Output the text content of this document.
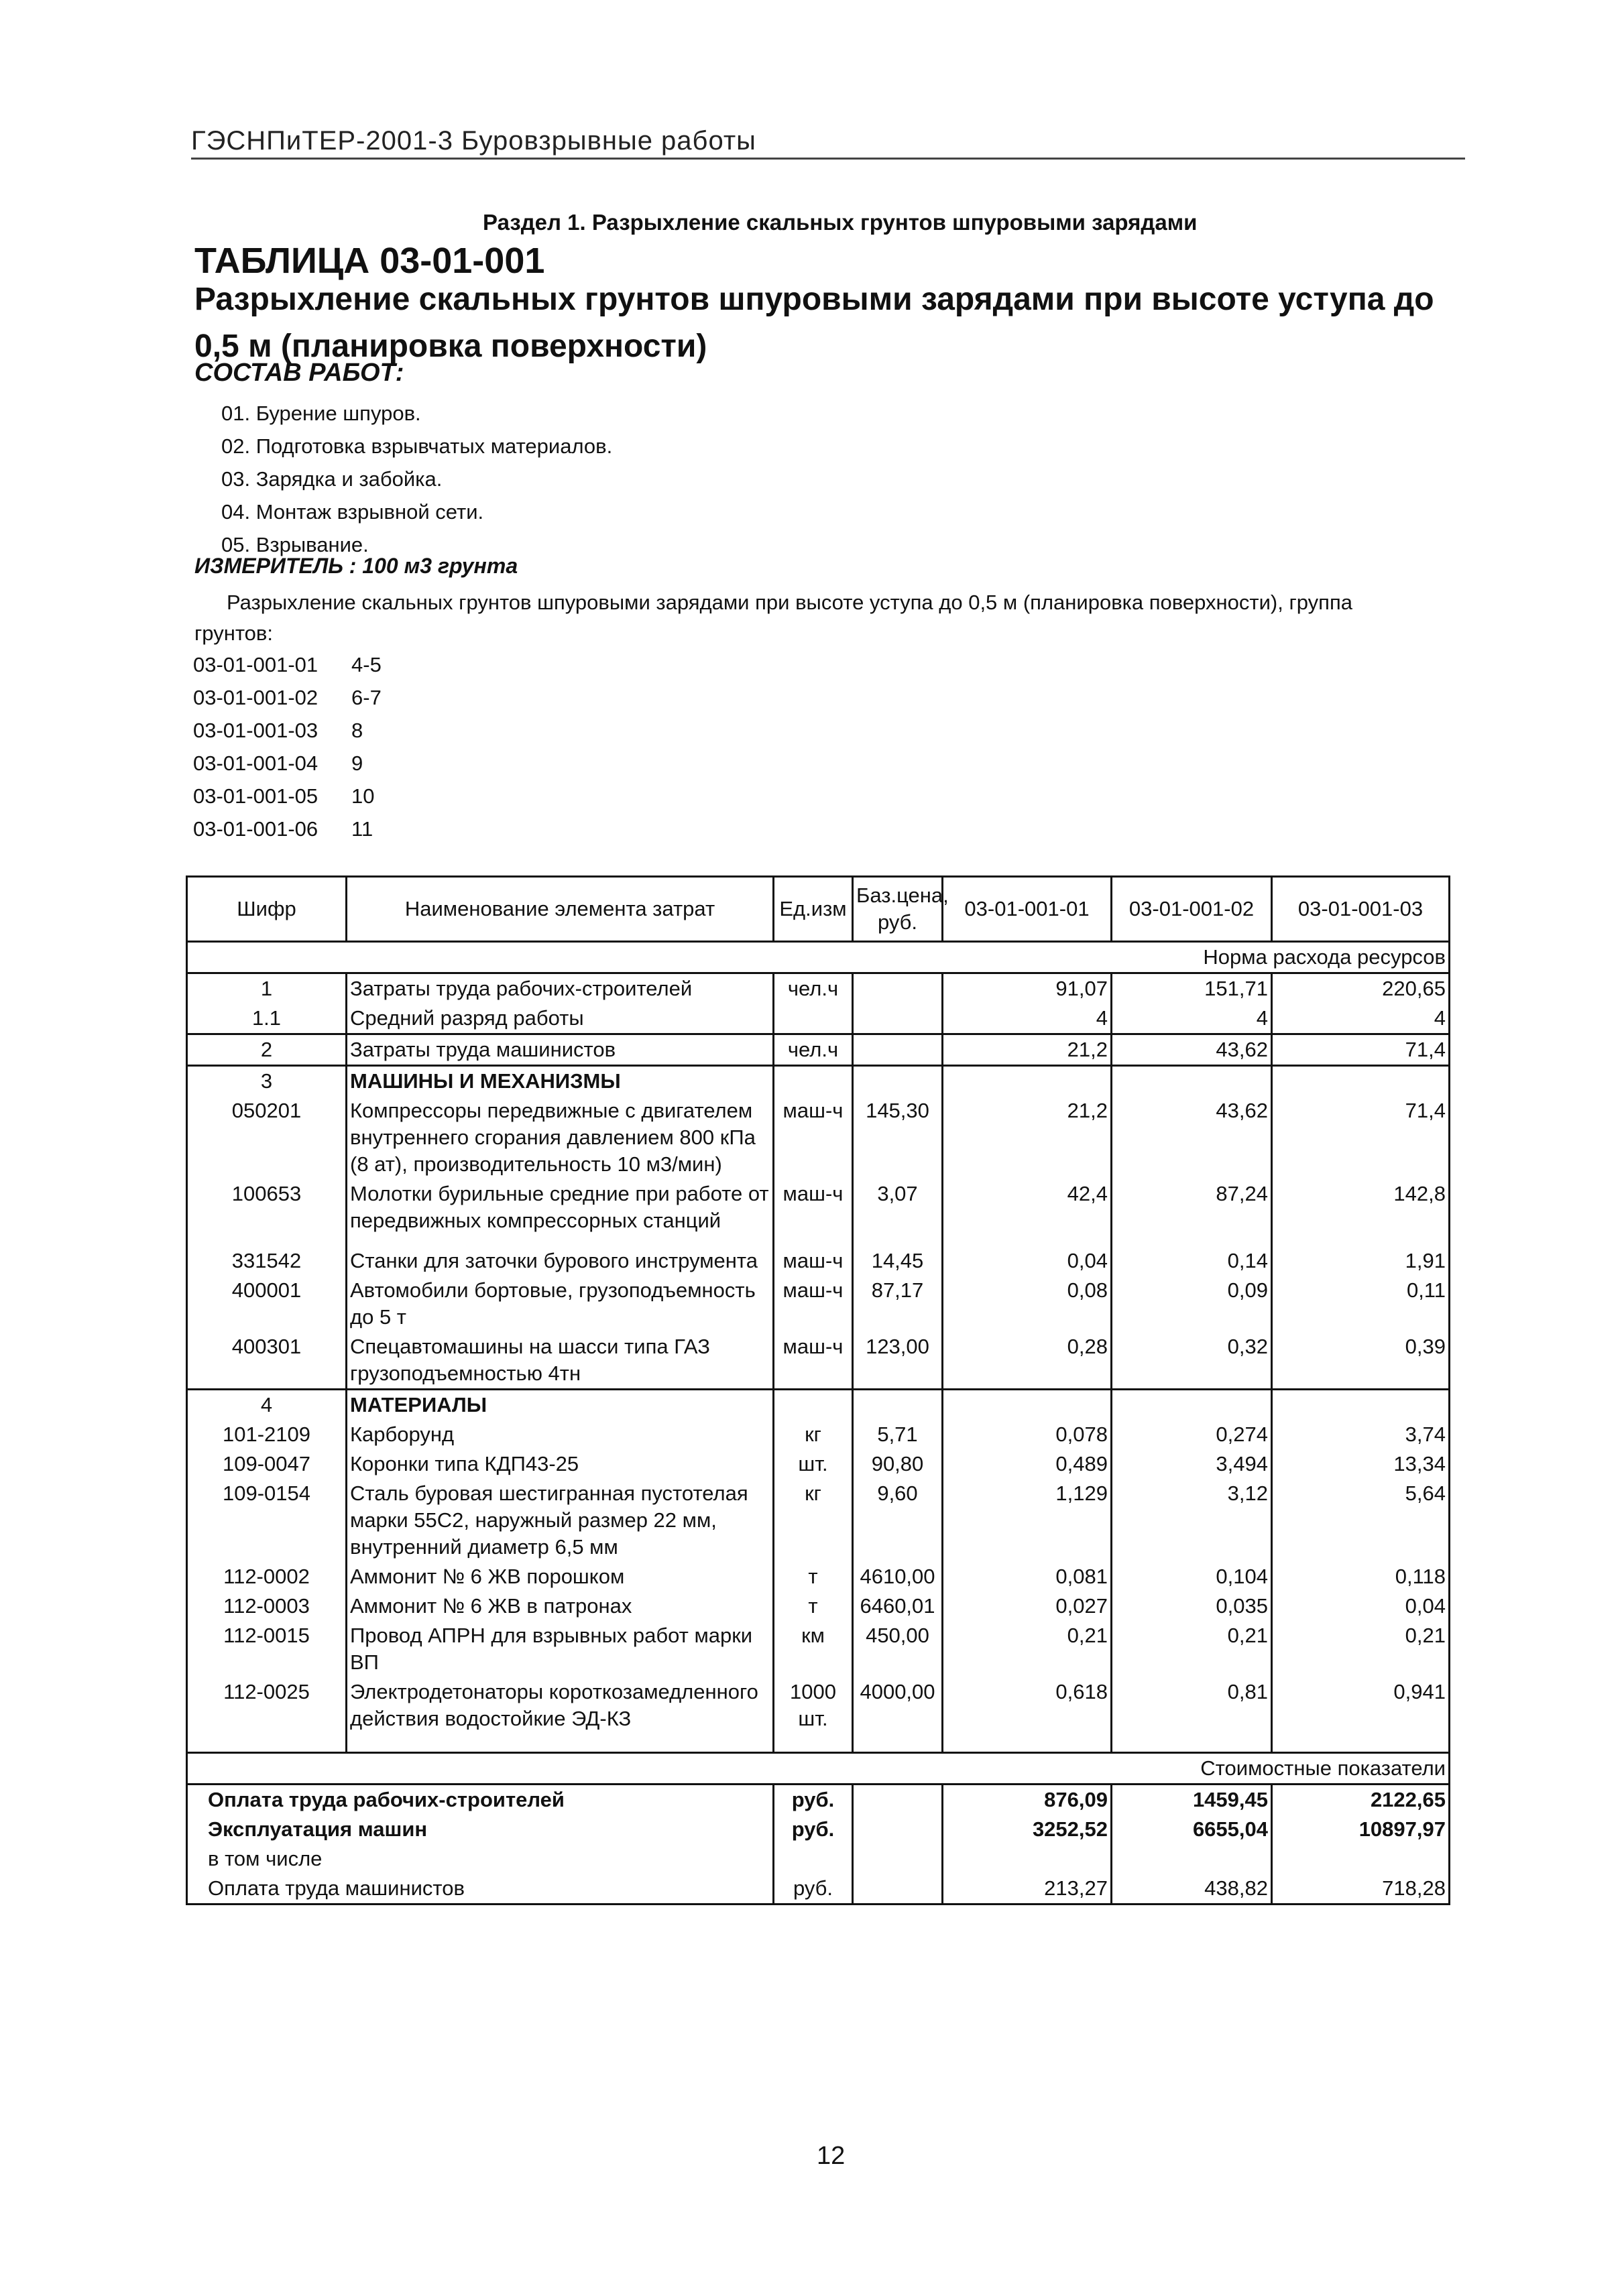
ГЭСНПиТЕР-2001-3 Буровзрывные работы
Раздел 1. Разрыхление скальных грунтов шпуровыми зарядами
ТАБЛИЦА 03-01-001
Разрыхление скальных грунтов шпуровыми зарядами при высоте уступа до 0,5 м (планировка поверхности)
СОСТАВ РАБОТ:
01. Бурение шпуров.
02. Подготовка взрывчатых материалов.
03. Зарядка и забойка.
04. Монтаж взрывной сети.
05. Взрывание.
ИЗМЕРИТЕЛЬ : 100 м3 грунта
Разрыхление скальных грунтов шпуровыми зарядами при высоте уступа до 0,5 м (планировка поверхности), группа грунтов:
03-01-001-01	4-5
03-01-001-02	6-7
03-01-001-03	8
03-01-001-04	9
03-01-001-05	10
03-01-001-06	11
Шифр	Наименование элемента затрат	Ед.изм	Баз.цена, руб.	03-01-001-01	03-01-001-02	03-01-001-03
Норма расхода ресурсов						
1	Затраты труда рабочих-строителей	чел.ч		91,07	151,71	220,65
1.1	Средний разряд работы			4	4	4
2	Затраты труда машинистов	чел.ч		21,2	43,62	71,4
3	МАШИНЫ И МЕХАНИЗМЫ					
050201	Компрессоры передвижные с двигателем внутреннего сгорания давлением 800 кПа (8 ат), производительность 10 м3/мин)	маш-ч	145,30	21,2	43,62	71,4
100653	Молотки бурильные средние при работе от передвижных компрессорных станций	маш-ч	3,07	42,4	87,24	142,8
331542	Станки для заточки бурового инструмента	маш-ч	14,45	0,04	0,14	1,91
400001	Автомобили бортовые, грузоподъемность до 5 т	маш-ч	87,17	0,08	0,09	0,11
400301	Спецавтомашины на шасси типа ГАЗ грузоподъемностью 4тн	маш-ч	123,00	0,28	0,32	0,39
4	МАТЕРИАЛЫ					
101-2109	Карборунд	кг	5,71	0,078	0,274	3,74
109-0047	Коронки типа КДП43-25	шт.	90,80	0,489	3,494	13,34
109-0154	Сталь буровая шестигранная пустотелая марки 55С2, наружный размер 22 мм, внутренний диаметр 6,5 мм	кг	9,60	1,129	3,12	5,64
112-0002	Аммонит № 6 ЖВ порошком	т	4610,00	0,081	0,104	0,118
112-0003	Аммонит № 6 ЖВ в патронах	т	6460,01	0,027	0,035	0,04
112-0015	Провод АПРН для взрывных работ марки ВП	км	450,00	0,21	0,21	0,21
112-0025	Электродетонаторы короткозамедленного действия водостойкие ЭД-КЗ	1000 шт.	4000,00	0,618	0,81	0,941
Стоимостные показатели						
Оплата труда рабочих-строителей		руб.		876,09	1459,45	2122,65
Эксплуатация машин		руб.		3252,52	6655,04	10897,97
в том числе						
Оплата труда машинистов		руб.		213,27	438,82	718,28
12
